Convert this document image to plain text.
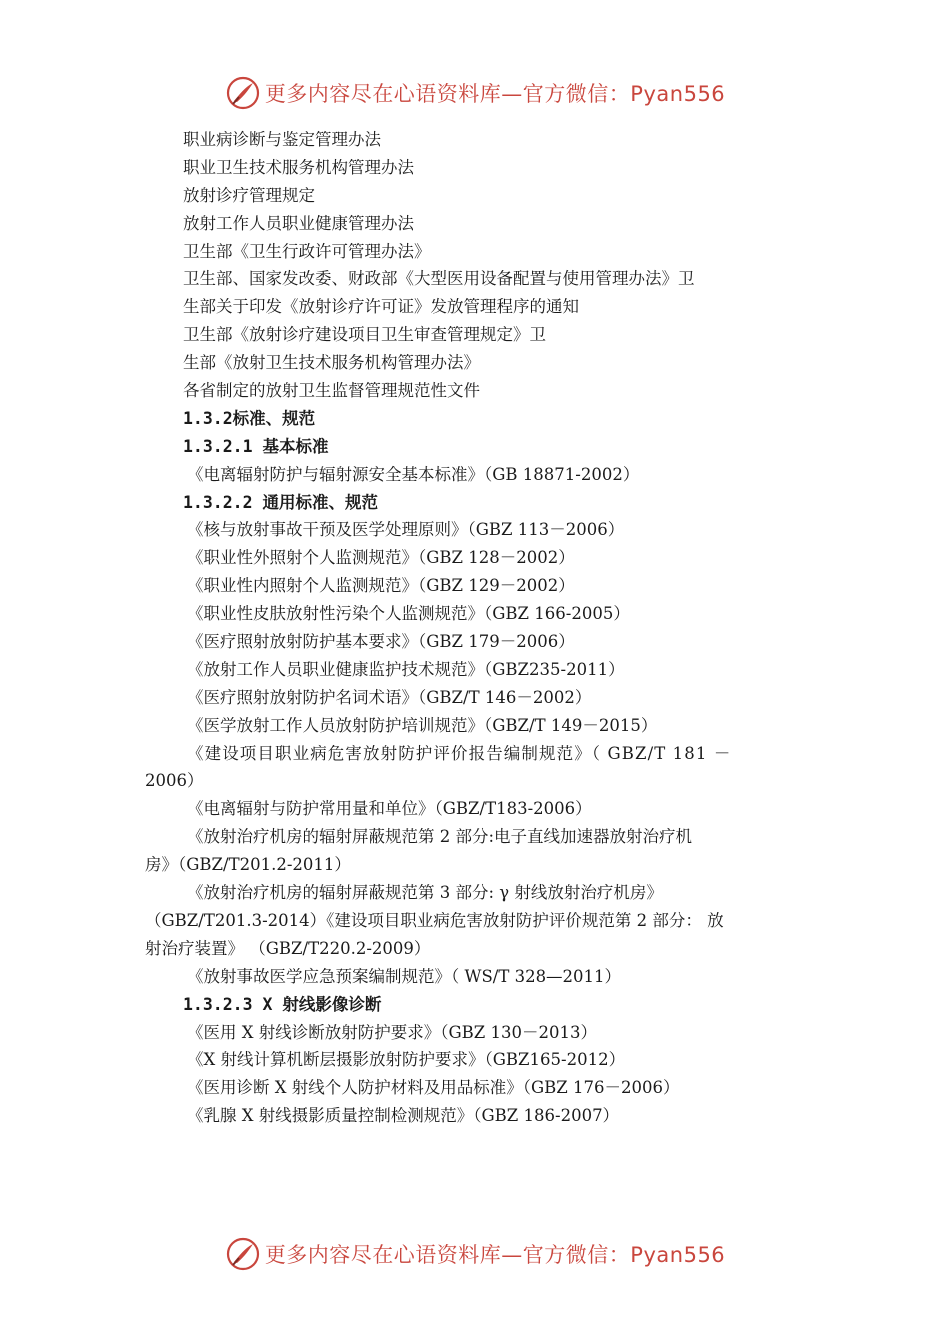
更多内容尽在心语资料库—官方微信：Pyan556
职业病诊断与鉴定管理办法
职业卫生技术服务机构管理办法
放射诊疗管理规定
放射工作人员职业健康管理办法
卫生部《卫生行政许可管理办法》
卫生部、国家发改委、财政部《大型医用设备配置与使用管理办法》卫
生部关于印发《放射诊疗许可证》发放管理程序的通知
卫生部《放射诊疗建设项目卫生审查管理规定》卫
生部《放射卫生技术服务机构管理办法》
各省制定的放射卫生监督管理规范性文件
1.3.2标准、规范
1.3.2.1 基本标准
《电离辐射防护与辐射源安全基本标准》（GB 18871-2002）
1.3.2.2 通用标准、规范
《核与放射事故干预及医学处理原则》（GBZ 113－2006）
《职业性外照射个人监测规范》（GBZ 128－2002）
《职业性内照射个人监测规范》（GBZ 129－2002）
《职业性皮肤放射性污染个人监测规范》（GBZ 166-2005）
《医疗照射放射防护基本要求》（GBZ 179－2006）
《放射工作人员职业健康监护技术规范》（GBZ235-2011）
《医疗照射放射防护名词术语》（GBZ/T 146－2002）
《医学放射工作人员放射防护培训规范》（GBZ/T 149－2015）
《建设项目职业病危害放射防护评价报告编制规范》（ GBZ/T 181 －
2006）
《电离辐射与防护常用量和单位》（GBZ/T183-2006）
《放射治疗机房的辐射屏蔽规范第 2 部分:电子直线加速器放射治疗机
房》（GBZ/T201.2-2011）
《放射治疗机房的辐射屏蔽规范第 3 部分: γ 射线放射治疗机房》
（GBZ/T201.3-2014）《建设项目职业病危害放射防护评价规范第 2 部分： 放
射治疗装置》 （GBZ/T220.2-2009）
《放射事故医学应急预案编制规范》（ WS/T 328—2011）
1.3.2.3 X 射线影像诊断
《医用 X 射线诊断放射防护要求》（GBZ 130－2013）
《X 射线计算机断层摄影放射防护要求》（GBZ165-2012）
《医用诊断 X 射线个人防护材料及用品标准》（GBZ 176－2006）
《乳腺 X 射线摄影质量控制检测规范》（GBZ 186-2007）
更多内容尽在心语资料库—官方微信：Pyan556
